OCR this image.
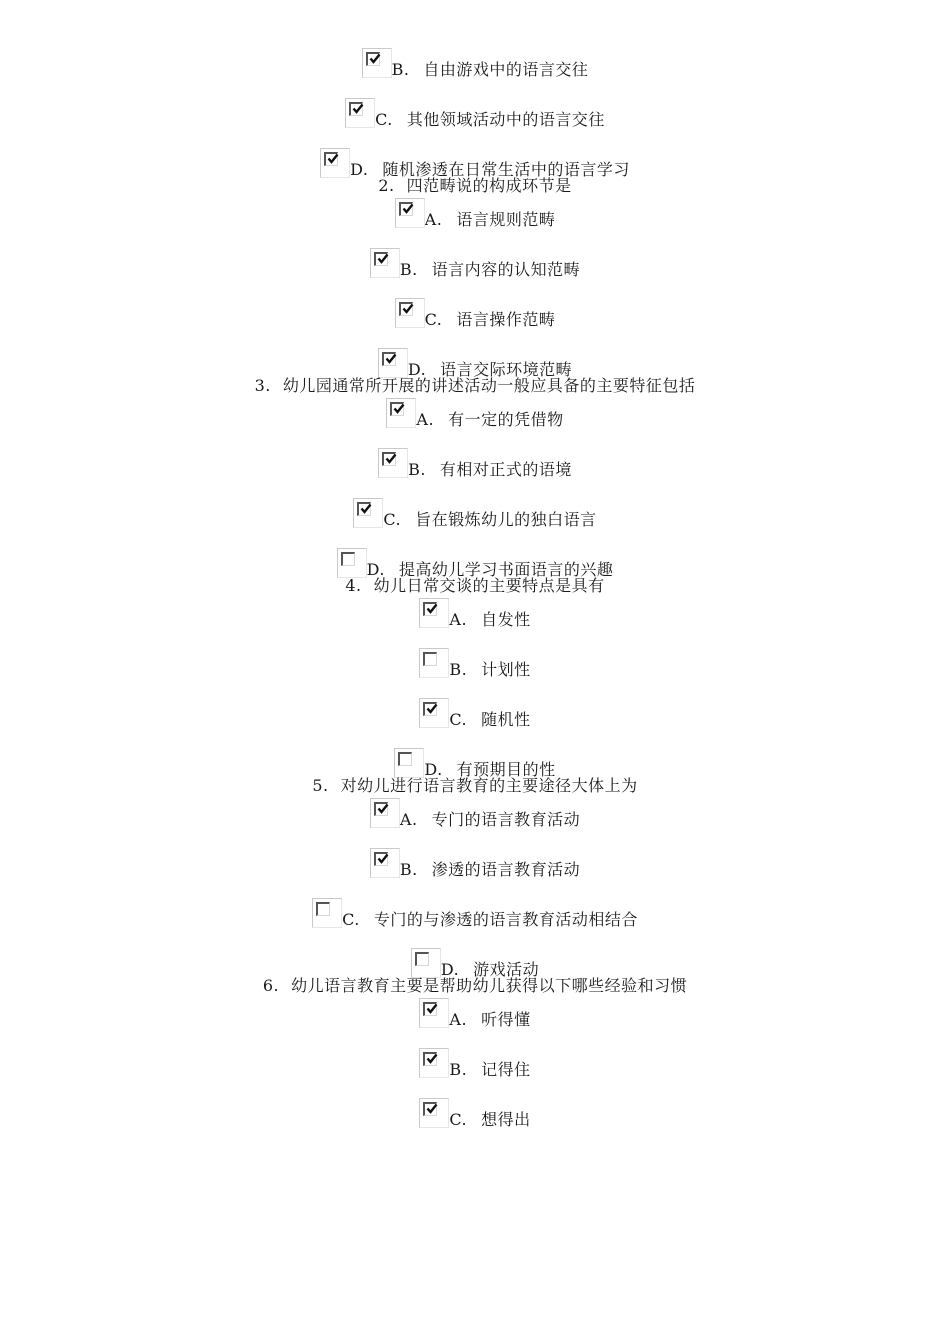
B. 自由游戏中的语言交往
C. 其他领域活动中的语言交往
D. 随机渗透在日常生活中的语言学习
2. 四范畴说的构成环节是
A. 语言规则范畴
B. 语言内容的认知范畴
C. 语言操作范畴
D. 语言交际环境范畴
3. 幼儿园通常所开展的讲述活动一般应具备的主要特征包括
A. 有一定的凭借物
B. 有相对正式的语境
C. 旨在锻炼幼儿的独白语言
D. 提高幼儿学习书面语言的兴趣
4. 幼儿日常交谈的主要特点是具有
A. 自发性
B. 计划性
C. 随机性
D. 有预期目的性
5. 对幼儿进行语言教育的主要途径大体上为
A. 专门的语言教育活动
B. 渗透的语言教育活动
C. 专门的与渗透的语言教育活动相结合
D. 游戏活动
6. 幼儿语言教育主要是帮助幼儿获得以下哪些经验和习惯
A. 听得懂
B. 记得住
C. 想得出
